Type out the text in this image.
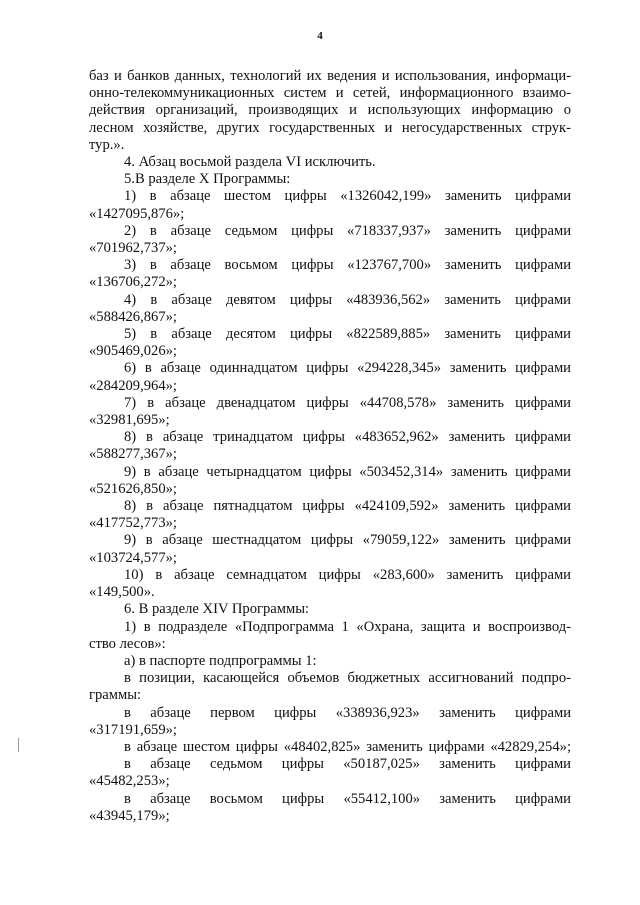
4

баз и банков данных, технологий их ведения и использования, информаци-
онно-телекоммуникационных систем и сетей, информационного взаимо-
действия организаций, производящих и использующих информацию о
лесном хозяйстве, других государственных и негосударственных струк-
тур.».

4. Абзац восьмой раздела VI исключить.

5.В разделе X Программы:

1) в абзаце шестом цифры «1326042,199» заменить цифрами
«1427095,876»;

2) в абзаце седьмом цифры «718337,937» заменить цифрами
«701962,737»;

3) в абзаце восьмом цифры «123767,700» заменить цифрами
«136706,272»;

4) в абзаце девятом цифры «483936,562» заменить цифрами
«588426,867»;

5) в абзаце десятом цифры «822589,885» заменить цифрами
«905469,026»;

6) в абзаце одиннадцатом цифры «294228,345» заменить цифрами
«284209,964»;

7) в абзаце двенадцатом цифры «44708,578» заменить цифрами
«32981,695»;

8) в абзаце тринадцатом цифры «483652,962» заменить цифрами
«588277,367»;

9) в абзаце четырнадцатом цифры «503452,314» заменить цифрами
«521626,850»;

8) в абзаце пятнадцатом цифры «424109,592» заменить цифрами
«417752,773»;

9) в абзаце шестнадцатом цифры «79059,122» заменить цифрами
«103724,577»;

10) в абзаце семнадцатом цифры «283,600» заменить цифрами
«149,500».

6. В разделе XIV Программы:

1) в подразделе «Подпрограмма 1 «Охрана, защита и воспроизвод-
ство лесов»:

а) в паспорте подпрограммы 1:

в позиции, касающейся объемов бюджетных ассигнований подпро-
граммы:

в абзаце первом цифры «338936,923» заменить цифрами
«317191,659»;

в абзаце шестом цифры «48402,825» заменить цифрами «42829,254»;

в абзаце седьмом цифры «50187,025» заменить цифрами
«45482,253»;

в абзаце восьмом цифры «55412,100» заменить цифрами
«43945,179»;
